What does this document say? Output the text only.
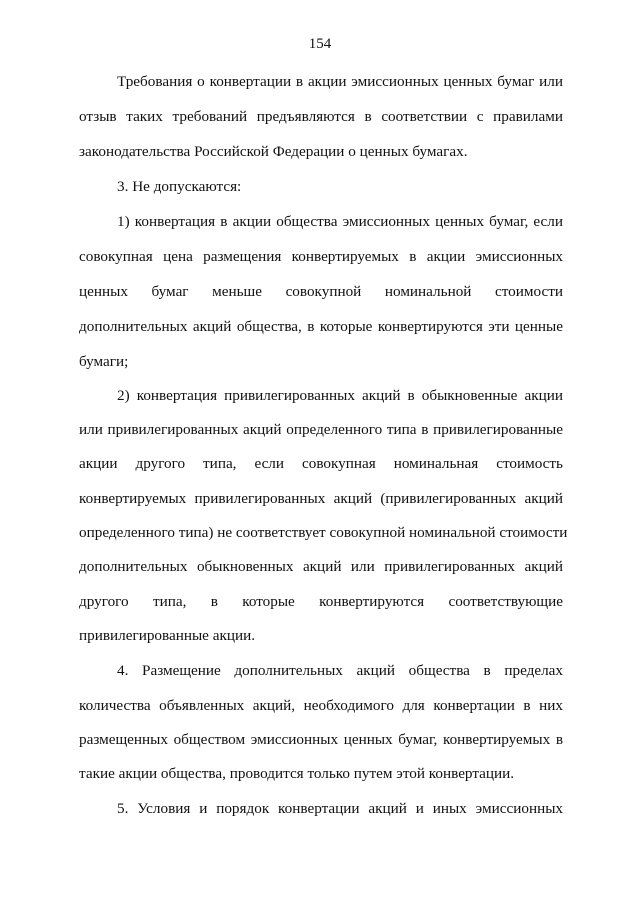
154
Требования о конвертации в акции эмиссионных ценных бумаг или
отзыв таких требований предъявляются в соответствии с правилами
законодательства Российской Федерации о ценных бумагах.
3. Не допускаются:
1) конвертация в акции общества эмиссионных ценных бумаг, если
совокупная цена размещения конвертируемых в акции эмиссионных
ценных бумаг меньше совокупной номинальной стоимости
дополнительных акций общества, в которые конвертируются эти ценные
бумаги;
2) конвертация привилегированных акций в обыкновенные акции
или привилегированных акций определенного типа в привилегированные
акции другого типа, если совокупная номинальная стоимость
конвертируемых привилегированных акций (привилегированных акций
определенного типа) не соответствует совокупной номинальной стоимости
дополнительных обыкновенных акций или привилегированных акций
другого типа, в которые конвертируются соответствующие
привилегированные акции.
4. Размещение дополнительных акций общества в пределах
количества объявленных акций, необходимого для конвертации в них
размещенных обществом эмиссионных ценных бумаг, конвертируемых в
такие акции общества, проводится только путем этой конвертации.
5. Условия и порядок конвертации акций и иных эмиссионных
